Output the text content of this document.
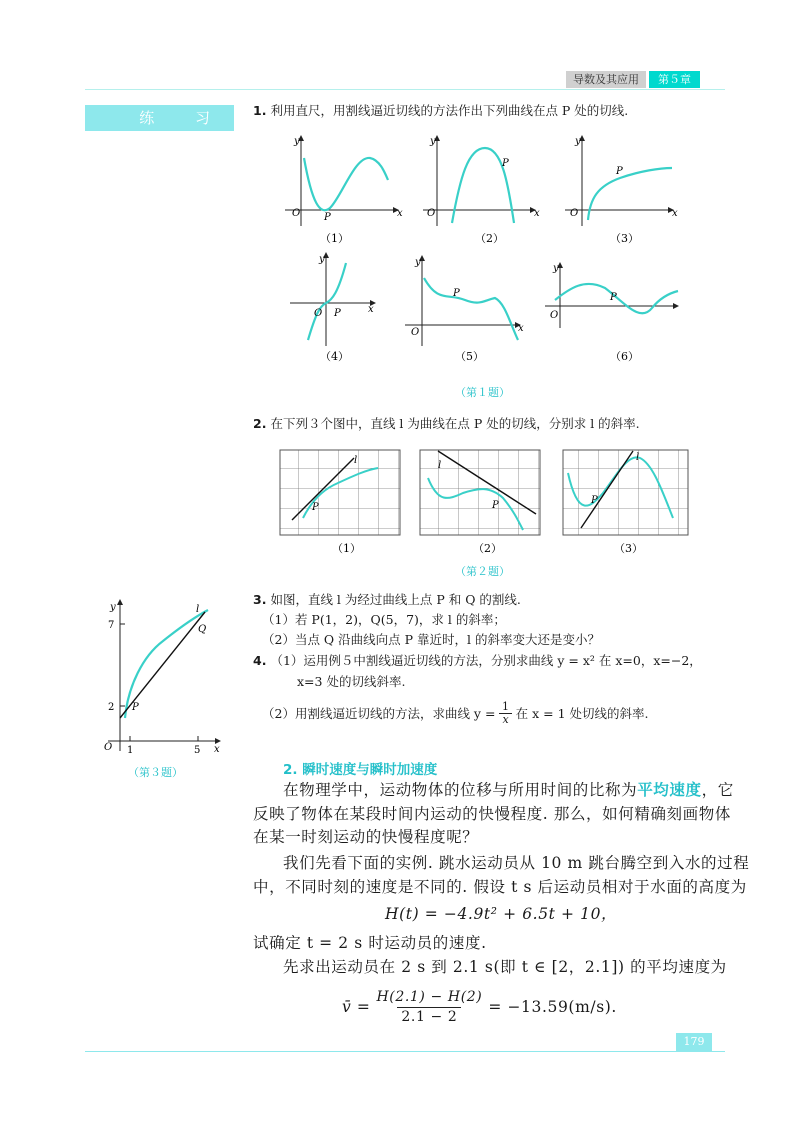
导数及其应用	第５章
练 习	1. 利用直尺，用割线逼近切线的方法作出下列曲线在点 P 处的切线.
y
O	x
P
y
O	x
P
y
O	x
P
（1）	（2）	（3）
y
O P	x
y
O	x
P
y
O
P
（4）	（5）	（6）
（第１题）
2. 在下列３个图中，直线 l 为曲线在点 P 处的切线，分别求 l 的斜率.
l
P
l
P
l
P
（1）	（2）	（3）
（第２题）
y
x
O
7
2
1	5
l
Q
P
（第３题）
3. 如图，直线 l 为经过曲线上点 P 和 Q 的割线.
（1）若 P(1，2)，Q(5，7)，求 l 的斜率；
（2）当点 Q 沿曲线向点 P 靠近时，l 的斜率变大还是变小？
4. （1）运用例５中割线逼近切线的方法，分别求曲线 y = x² 在 x=0，x=−2，
x=3 处的切线斜率.
（2）用割线逼近切线的方法，求曲线 $y = \frac{1}{x}$ 在 x = 1 处切线的斜率.
2. 瞬时速度与瞬时加速度
在物理学中，运动物体的位移与所用时间的比称为平均速度，它
反映了物体在某段时间内运动的快慢程度. 那么，如何精确刻画物体
在某一时刻运动的快慢程度呢？
我们先看下面的实例. 跳水运动员从 10 m 跳台腾空到入水的过程
中，不同时刻的速度是不同的. 假设 t s 后运动员相对于水面的高度为
H(t) = −4.9t² + 6.5t + 10，
试确定 t = 2 s 时运动员的速度.
先求出运动员在 2 s 到 2.1 s(即 t ∈ [2，2.1]) 的平均速度为
v̄ = $\frac{H(2.1) - H(2)}{2.1 - 2} = -13.59(m/s)$.
179
